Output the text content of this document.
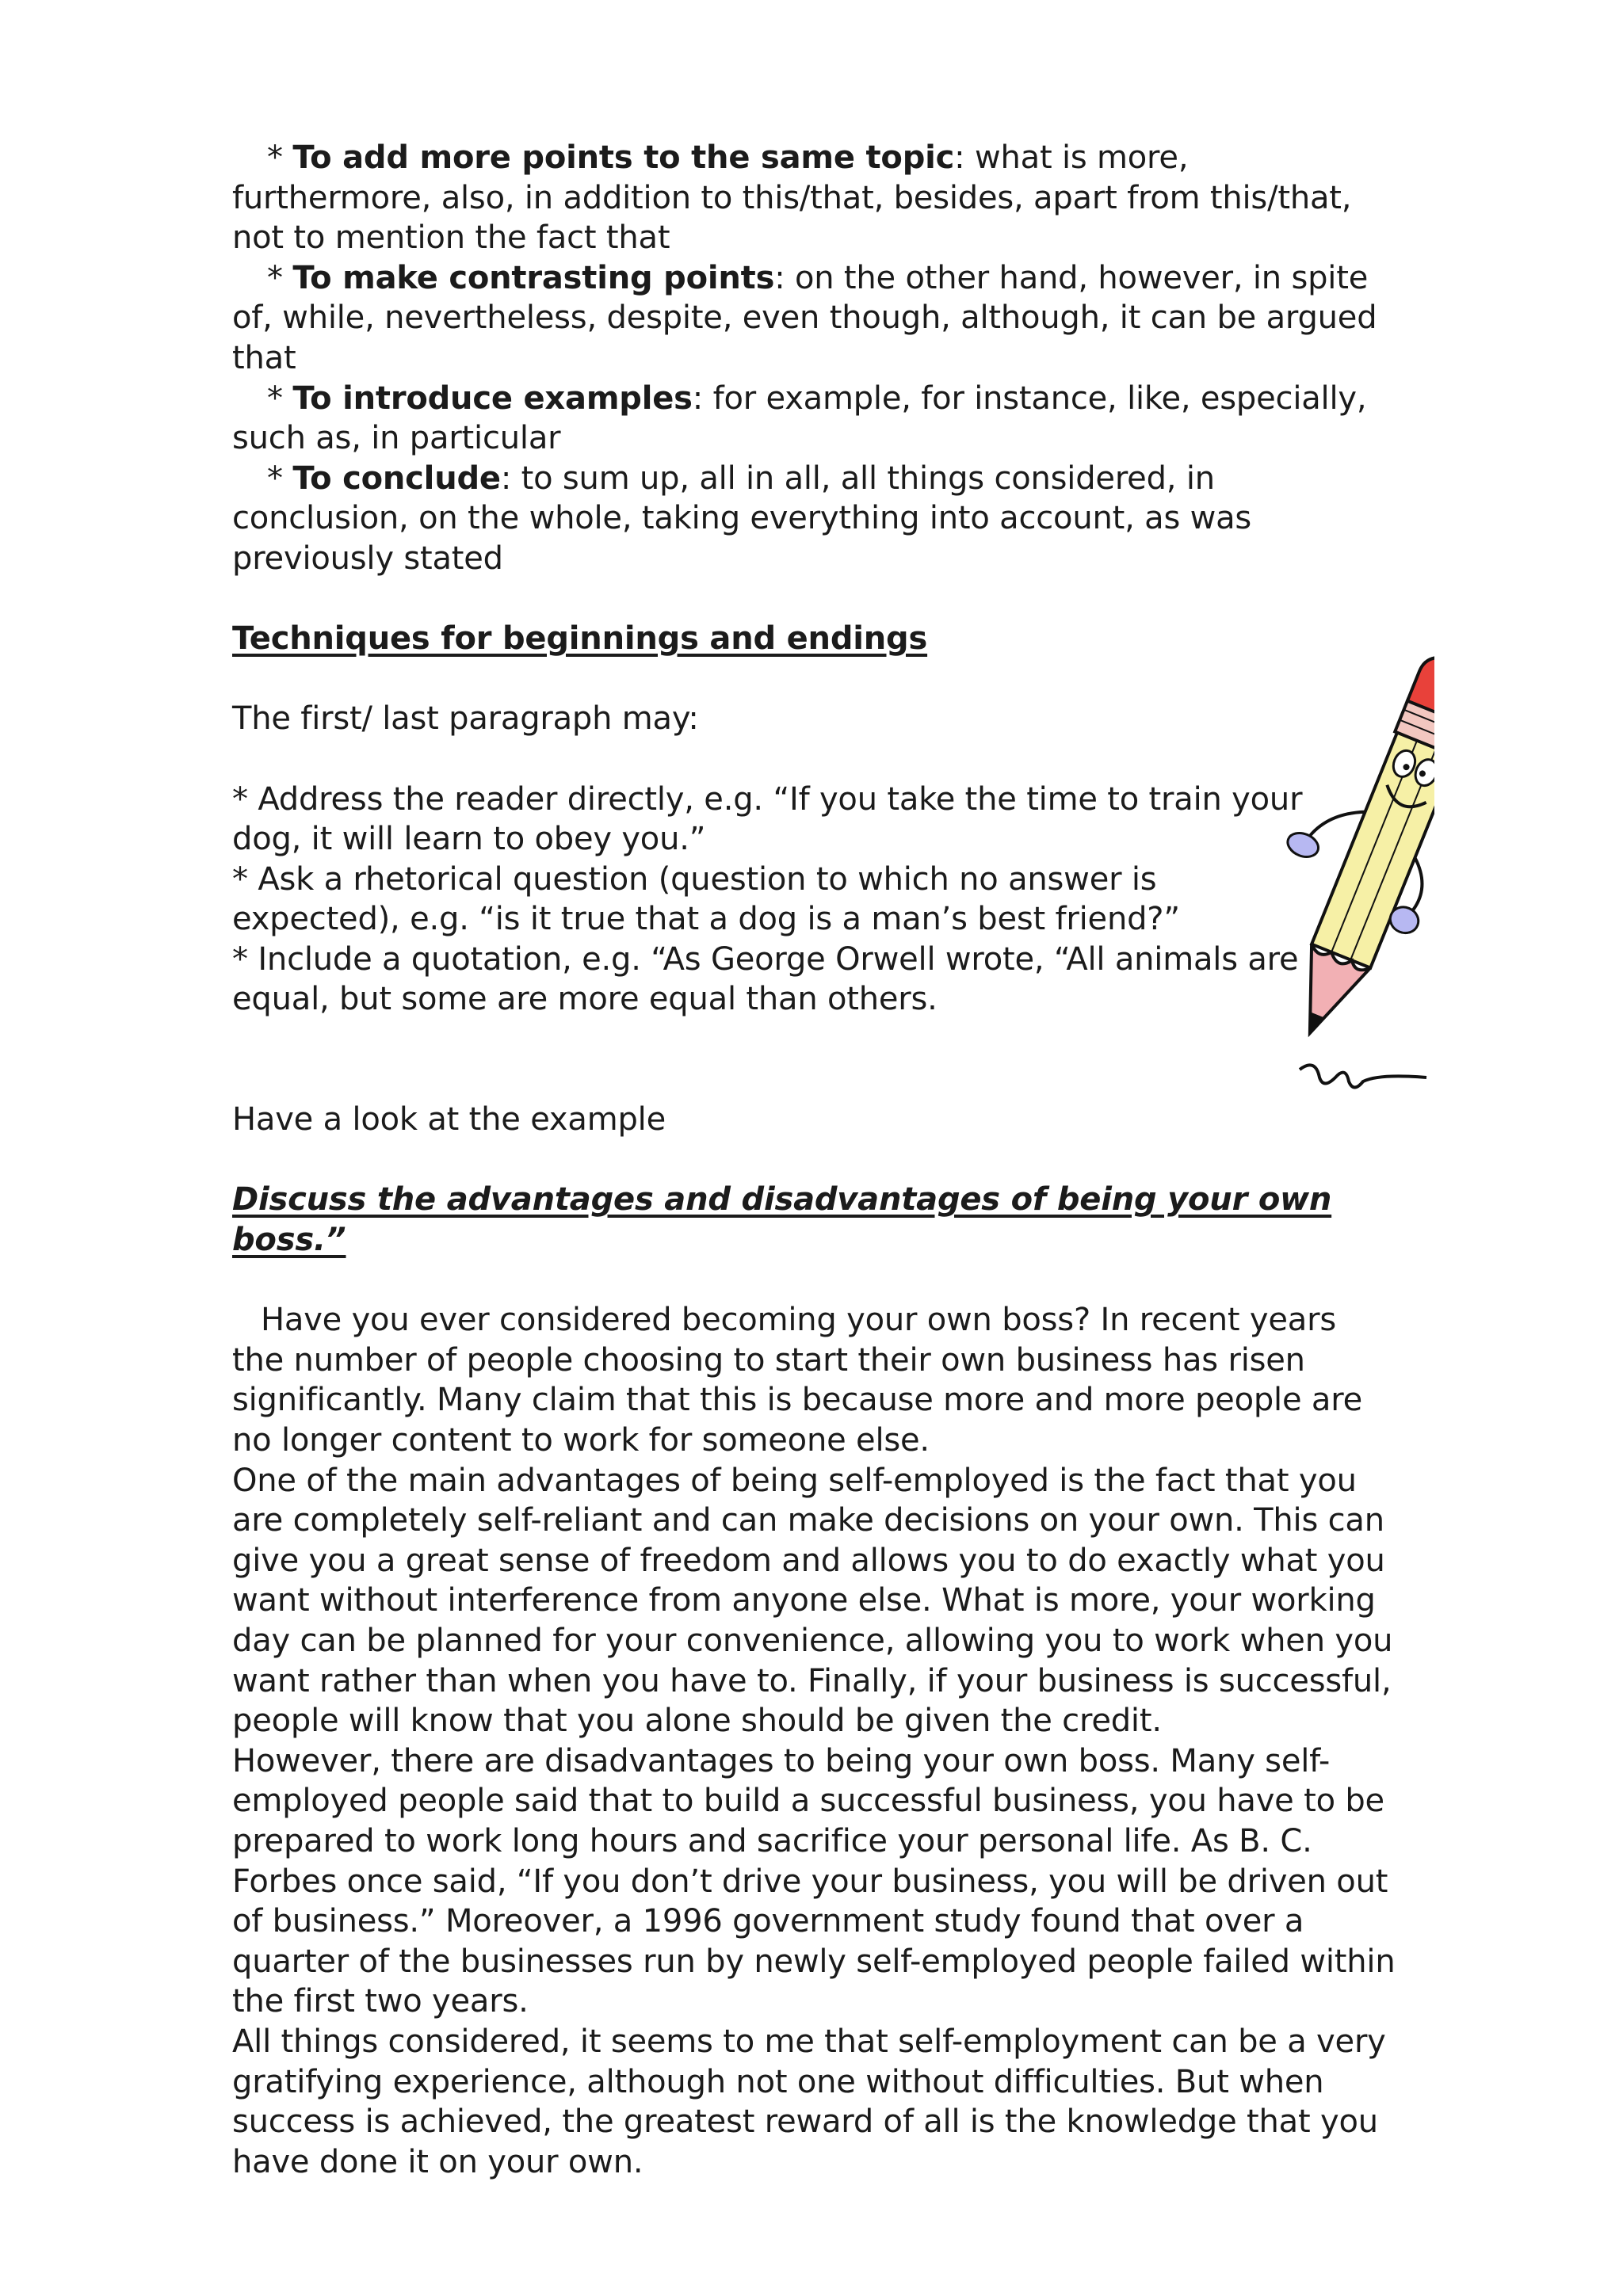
* To add more points to the same topic: what is more, furthermore, also, in addition to this/that, besides, apart from this/that, not to mention the fact that

* To make contrasting points: on the other hand, however, in spite of, while, nevertheless, despite, even though, although, it can be argued that

* To introduce examples: for example, for instance, like, especially, such as, in particular

* To conclude: to sum up, all in all, all things considered, in conclusion, on the whole, taking everything into account, as was previously stated

Techniques for beginnings and endings

The first/ last paragraph may:

* Address the reader directly, e.g. “If you take the time to train your dog, it will learn to obey you.”

* Ask a rhetorical question (question to which no answer is expected), e.g. “is it true that a dog is a man’s best friend?”

* Include a quotation, e.g. “As George Orwell wrote, “All animals are equal, but some are more equal than others.

Have a look at the example

Discuss the advantages and disadvantages of being your own boss.”

Have you ever considered becoming your own boss? In recent years the number of people choosing to start their own business has risen significantly. Many claim that this is because more and more people are no longer content to work for someone else.

One of the main advantages of being self-employed is the fact that you are completely self-reliant and can make decisions on your own. This can give you a great sense of freedom and allows you to do exactly what you want without interference from anyone else. What is more, your working day can be planned for your convenience, allowing you to work when you want rather than when you have to. Finally, if your business is successful, people will know that you alone should be given the credit.

However, there are disadvantages to being your own boss. Many self-employed people said that to build a successful business, you have to be prepared to work long hours and sacrifice your personal life. As B. C. Forbes once said, “If you don’t drive your business, you will be driven out of business.” Moreover, a 1996 government study found that over a quarter of the businesses run by newly self-employed people failed within the first two years.

All things considered, it seems to me that self-employment can be a very gratifying experience, although not one without difficulties. But when success is achieved, the greatest reward of all is the knowledge that you have done it on your own.
